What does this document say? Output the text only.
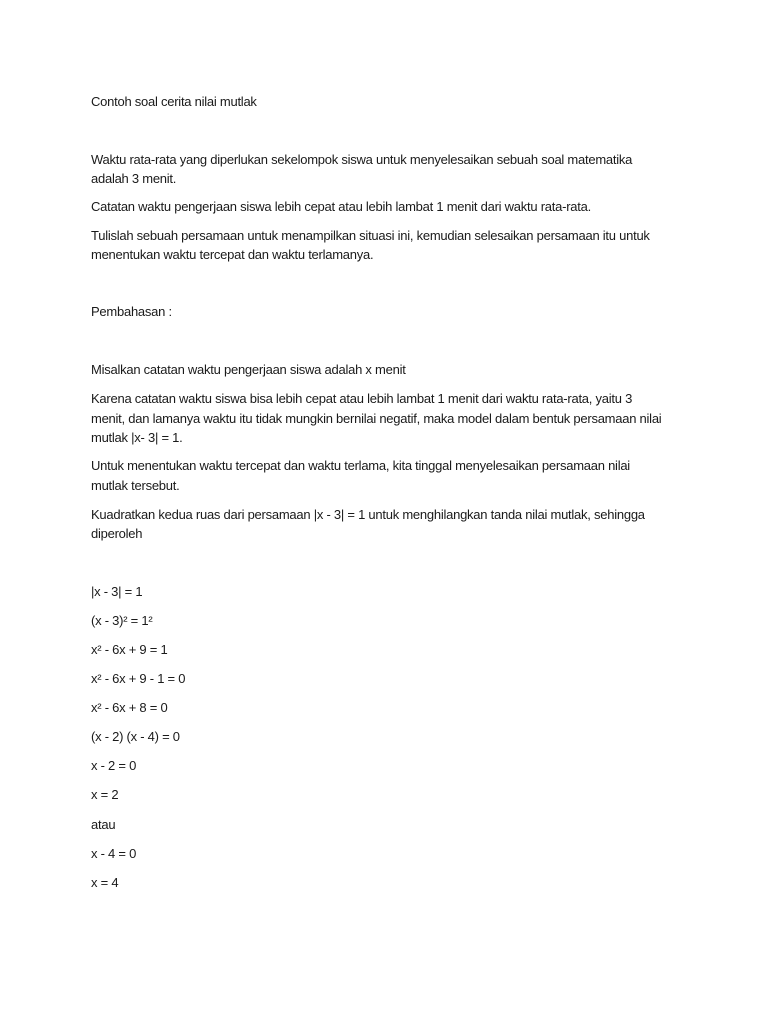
Contoh soal cerita nilai mutlak
Waktu rata-rata yang diperlukan sekelompok siswa untuk menyelesaikan sebuah soal matematika
adalah 3 menit.
Catatan waktu pengerjaan siswa lebih cepat atau lebih lambat 1 menit dari waktu rata-rata.
Tulislah sebuah persamaan untuk menampilkan situasi ini, kemudian selesaikan persamaan itu untuk
menentukan waktu tercepat dan waktu terlamanya.
Pembahasan :
Misalkan catatan waktu pengerjaan siswa adalah x menit
Karena catatan waktu siswa bisa lebih cepat atau lebih lambat 1 menit dari waktu rata-rata, yaitu 3
menit, dan lamanya waktu itu tidak mungkin bernilai negatif, maka model dalam bentuk persamaan nilai
mutlak |x- 3| = 1.
Untuk menentukan waktu tercepat dan waktu terlama, kita tinggal menyelesaikan persamaan nilai
mutlak tersebut.
Kuadratkan kedua ruas dari persamaan |x - 3| = 1 untuk menghilangkan tanda nilai mutlak, sehingga
diperoleh
|x - 3| = 1
(x - 3)² = 1²
x² - 6x + 9 = 1
x² - 6x + 9 - 1 = 0
x² - 6x + 8 = 0
(x - 2) (x - 4) = 0
x - 2 = 0
x = 2
atau
x - 4 = 0
x = 4
